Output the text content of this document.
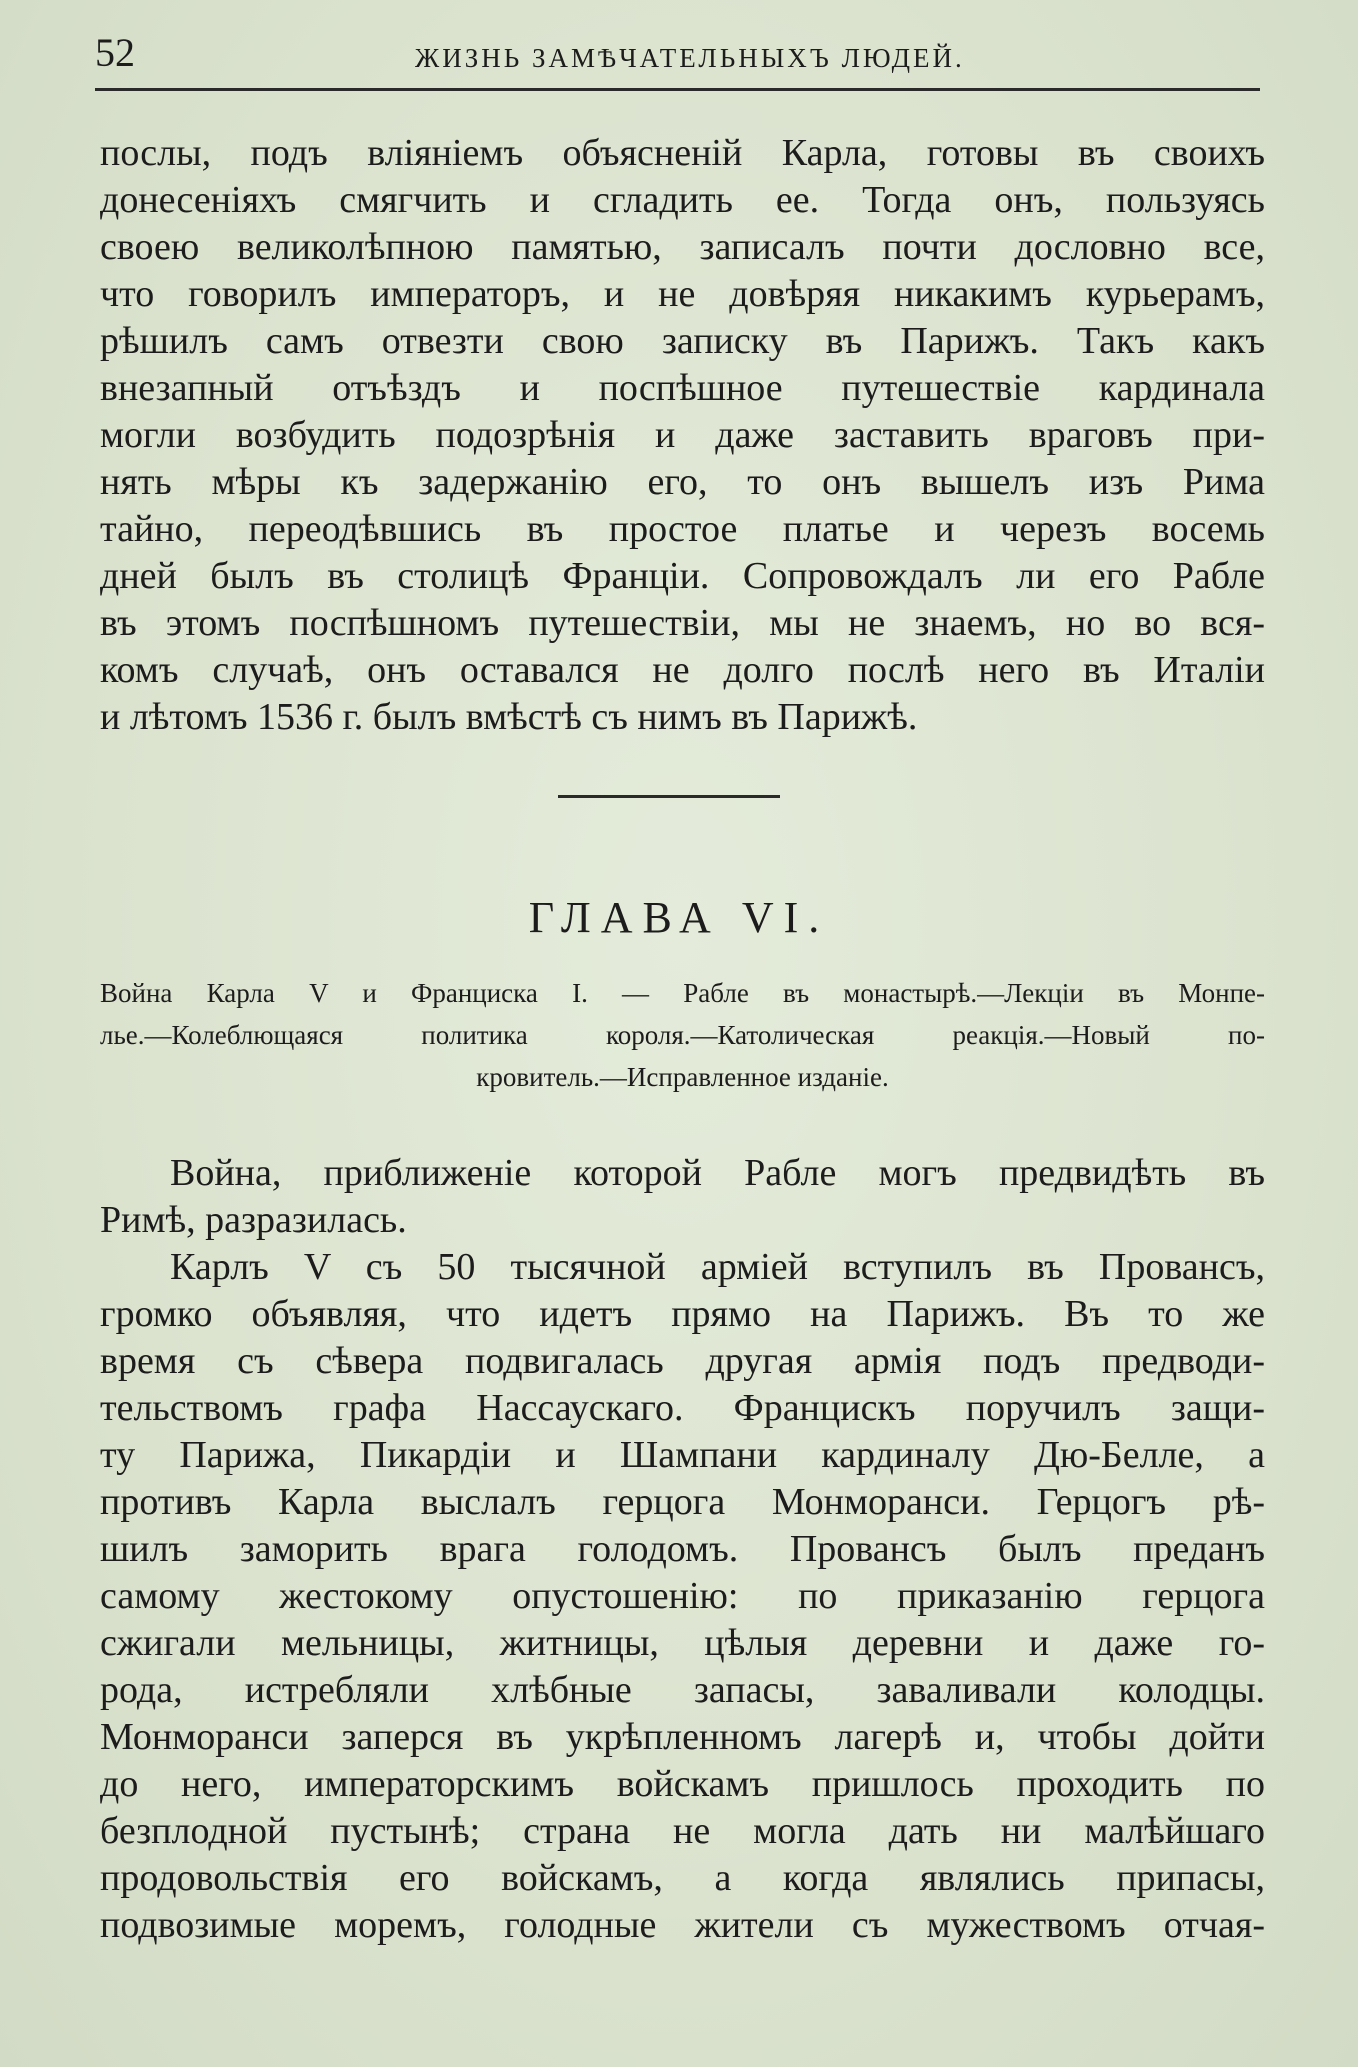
52	ЖИЗНЬ ЗАМѢЧАТЕЛЬНЫХЪ ЛЮДЕЙ.
послы, подъ вліяніемъ объясненій Карла, готовы въ своихъ
донесеніяхъ смягчить и сгладить ее. Тогда онъ, пользуясь
своею великолѣпною памятью, записалъ почти дословно все,
что говорилъ императоръ, и не довѣряя никакимъ курьерамъ,
рѣшилъ самъ отвезти свою записку въ Парижъ. Такъ какъ
внезапный отъѣздъ и поспѣшное путешествіе кардинала
могли возбудить подозрѣнія и даже заставить враговъ при-
нять мѣры къ задержанію его, то онъ вышелъ изъ Рима
тайно, переодѣвшись въ простое платье и черезъ восемь
дней былъ въ столицѣ Франціи. Сопровождалъ ли его Рабле
въ этомъ поспѣшномъ путешествіи, мы не знаемъ, но во вся-
комъ случаѣ, онъ оставался не долго послѣ него въ Италіи
и лѣтомъ 1536 г. былъ вмѣстѣ съ нимъ въ Парижѣ.
ГЛАВА VI.
Война Карла V и Франциска I. — Рабле въ монастырѣ.—Лекціи въ Монпе-
лье.—Колеблющаяся политика короля.—Католическая реакція.—Новый по-
кровитель.—Исправленное изданіе.
Война, приближеніе которой Рабле могъ предвидѣть въ
Римѣ, разразилась.
Карлъ V съ 50 тысячной арміей вступилъ въ Провансъ,
громко объявляя, что идетъ прямо на Парижъ. Въ то же
время съ сѣвера подвигалась другая армія подъ предводи-
тельствомъ графа Нассаускаго. Францискъ поручилъ защи-
ту Парижа, Пикардіи и Шампани кардиналу Дю-Белле, а
противъ Карла выслалъ герцога Монморанси. Герцогъ рѣ-
шилъ заморить врага голодомъ. Провансъ былъ преданъ
самому жестокому опустошенію: по приказанію герцога
сжигали мельницы, житницы, цѣлыя деревни и даже го-
рода, истребляли хлѣбные запасы, заваливали колодцы.
Монморанси заперся въ укрѣпленномъ лагерѣ и, чтобы дойти
до него, императорскимъ войскамъ пришлось проходить по
безплодной пустынѣ; страна не могла дать ни малѣйшаго
продовольствія его войскамъ, а когда являлись припасы,
подвозимые моремъ, голодные жители съ мужествомъ отчая-
